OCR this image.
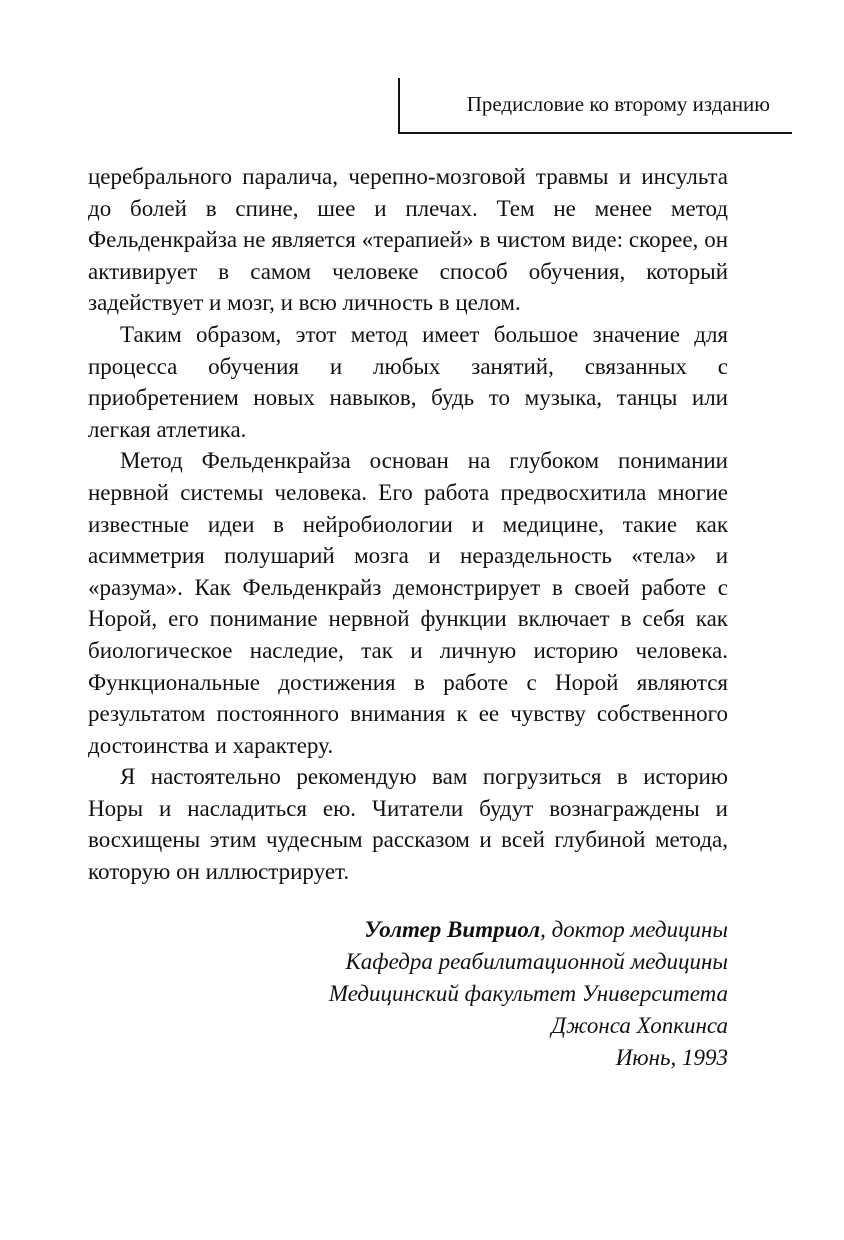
Предисловие ко второму изданию

церебрального паралича, черепно-мозговой травмы и инсульта до болей в спине, шее и плечах. Тем не менее метод Фельденкрайза не является «терапией» в чистом виде: скорее, он активирует в самом человеке способ обучения, который задействует и мозг, и всю личность в целом.

Таким образом, этот метод имеет большое значение для процесса обучения и любых занятий, связанных с приобретением новых навыков, будь то музыка, танцы или легкая атлетика.

Метод Фельденкрайза основан на глубоком понимании нервной системы человека. Его работа предвосхитила многие известные идеи в нейробиологии и медицине, такие как асимметрия полушарий мозга и нераздельность «тела» и «разума». Как Фельденкрайз демонстрирует в своей работе с Норой, его понимание нервной функции включает в себя как биологическое наследие, так и личную историю человека. Функциональные достижения в работе с Норой являются результатом постоянного внимания к ее чувству собственного достоинства и характеру.

Я настоятельно рекомендую вам погрузиться в историю Норы и насладиться ею. Читатели будут вознаграждены и восхищены этим чудесным рассказом и всей глубиной метода, которую он иллюстрирует.

Уолтер Витриол, доктор медицины
Кафедра реабилитационной медицины
Медицинский факультет Университета
Джонса Хопкинса
Июнь, 1993
